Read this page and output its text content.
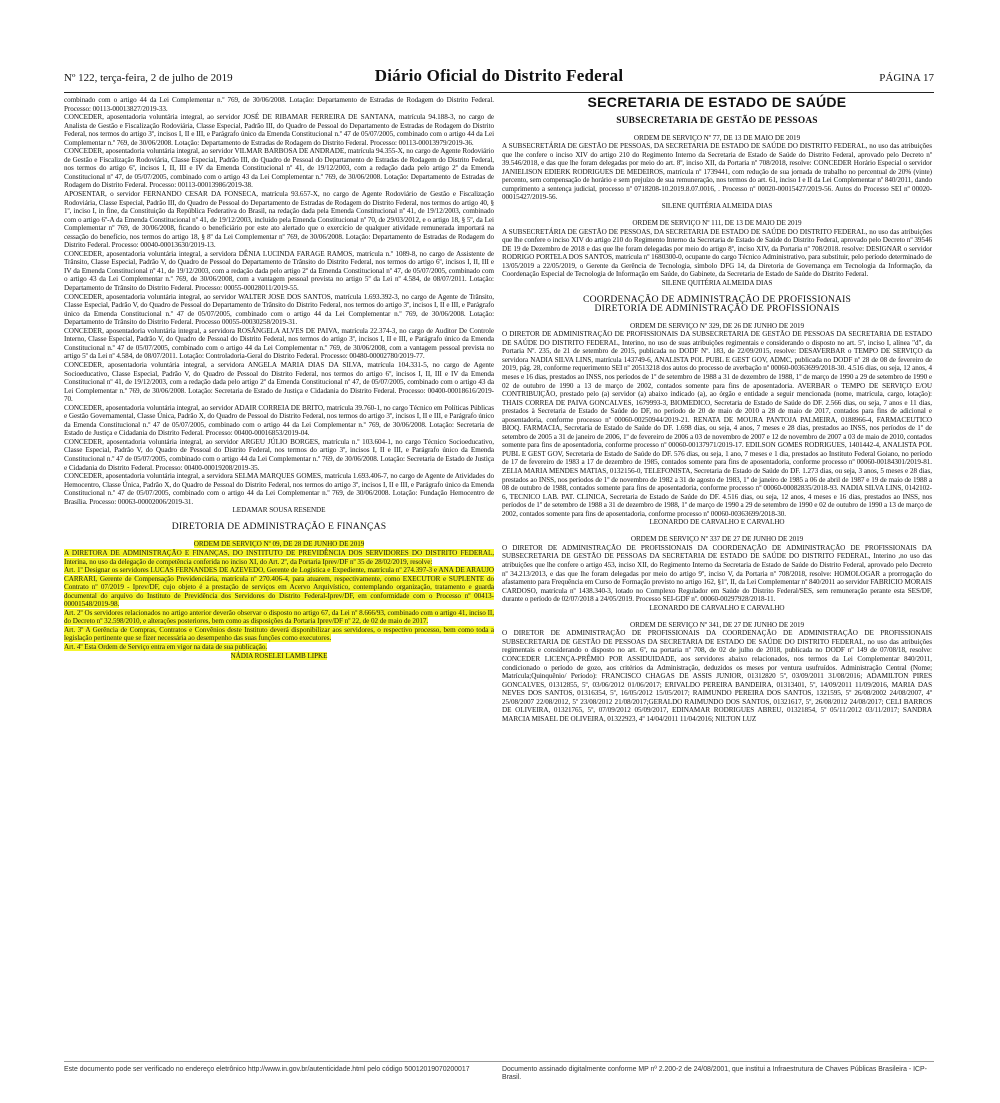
Nº 122, terça-feira, 2 de julho de 2019	Diário Oficial do Distrito Federal	PÁGINA 17

combinado com o artigo 44 da Lei Complementar n.º 769, de 30/06/2008. Lotação: Departamento de Estradas de Rodagem do Distrito Federal. Processo: 00113-00013827/2019-33.

CONCEDER, aposentadoria voluntária integral, ao servidor JOSÉ DE RIBAMAR FERREIRA DE SANTANA, matrícula 94.188-3, no cargo de Analista de Gestão e Fiscalização Rodoviária, Classe Especial, Padrão III, do Quadro de Pessoal do Departamento de Estradas de Rodagem do Distrito Federal, nos termos do artigo 3º, incisos I, II e III, e Parágrafo único da Emenda Constitucional n.º 47 de 05/07/2005, combinado com o artigo 44 da Lei Complementar n.º 769, de 30/06/2008. Lotação: Departamento de Estradas de Rodagem do Distrito Federal. Processo: 00113-00013979/2019-36.

CONCEDER, aposentadoria voluntária integral, ao servidor VILMAR BARBOSA DE ANDRADE, matrícula 94.355-X, no cargo de Agente Rodoviário de Gestão e Fiscalização Rodoviária, Classe Especial, Padrão III, do Quadro de Pessoal do Departamento de Estradas de Rodagem do Distrito Federal, nos termos do artigo 6º, incisos I, II, III e IV da Emenda Constitucional nº 41, de 19/12/2003, com a redação dada pelo artigo 2º da Emenda Constitucional nº 47, de 05/07/2005, combinado com o artigo 43 da Lei Complementar n.º 769, de 30/06/2008. Lotação: Departamento de Estradas de Rodagem do Distrito Federal. Processo: 00113-00013986/2019-38.

APOSENTAR, o servidor FERNANDO CESAR DA FONSECA, matrícula 93.657-X, no cargo de Agente Rodoviário de Gestão e Fiscalização Rodoviária, Classe Especial, Padrão III, do Quadro de Pessoal do Departamento de Estradas de Rodagem do Distrito Federal, nos termos do artigo 40, § 1º, inciso I, in fine, da Constituição da República Federativa do Brasil, na redação dada pela Emenda Constitucional nº 41, de 19/12/2003, combinado com o artigo 6º-A da Emenda Constitucional nº 41, de 19/12/2003, incluído pela Emenda Constitucional nº 70, de 29/03/2012, e o artigo 18, § 5º, da Lei Complementar nº 769, de 30/06/2008, ficando o beneficiário por este ato alertado que o exercício de qualquer atividade remunerada importará na cessação do benefício, nos termos do artigo 18, § 8º da Lei Complementar nº 769, de 30/06/2008. Lotação: Departamento de Estradas de Rodagem do Distrito Federal. Processo: 00040-00013630/2019-13.

CONCEDER, aposentadoria voluntária integral, a servidora DÊNIA LUCINDA FARAGE RAMOS, matrícula n.º 1089-8, no cargo de Assistente de Trânsito, Classe Especial, Padrão V, do Quadro de Pessoal do Departamento de Trânsito do Distrito Federal, nos termos do artigo 6º, incisos I, II, III e IV da Emenda Constitucional nº 41, de 19/12/2003, com a redação dada pelo artigo 2º da Emenda Constitucional nº 47, de 05/07/2005, combinado com o artigo 43 da Lei Complementar n.º 769, de 30/06/2008, com a vantagem pessoal prevista no artigo 5º da Lei nº 4.584, de 08/07/2011. Lotação: Departamento de Trânsito do Distrito Federal. Processo: 00055-00028011/2019-55.

CONCEDER, aposentadoria voluntária integral, ao servidor WALTER JOSE DOS SANTOS, matrícula 1.693.392-3, no cargo de Agente de Trânsito, Classe Especial, Padrão V, do Quadro de Pessoal do Departamento de Trânsito do Distrito Federal, nos termos do artigo 3º, incisos I, II e III, e Parágrafo único da Emenda Constitucional n.º 47 de 05/07/2005, combinado com o artigo 44 da Lei Complementar n.º 769, de 30/06/2008. Lotação: Departamento de Trânsito do Distrito Federal. Processo 00055-00030258/2019-31.

CONCEDER, aposentadoria voluntária integral, a servidora ROSÂNGELA ALVES DE PAIVA, matrícula 22.374-3, no cargo de Auditor De Controle Interno, Classe Especial, Padrão V, do Quadro de Pessoal do Distrito Federal, nos termos do artigo 3º, incisos I, II e III, e Parágrafo único da Emenda Constitucional n.º 47 de 05/07/2005, combinado com o artigo 44 da Lei Complementar n.º 769, de 30/06/2008, com a vantagem pessoal prevista no artigo 5º da Lei nº 4.584, de 08/07/2011. Lotação: Controladoria-Geral do Distrito Federal. Processo: 00480-00002780/2019-77.

CONCEDER, aposentadoria voluntária integral, a servidora ANGELA MARIA DIAS DA SILVA, matrícula 104.331-5, no cargo de Agente Socioeducativo, Classe Especial, Padrão V, do Quadro de Pessoal do Distrito Federal, nos termos do artigo 6º, incisos I, II, III e IV da Emenda Constitucional nº 41, de 19/12/2003, com a redação dada pelo artigo 2º da Emenda Constitucional nº 47, de 05/07/2005, combinado com o artigo 43 da Lei Complementar n.º 769, de 30/06/2008. Lotação: Secretaria de Estado de Justiça e Cidadania do Distrito Federal. Processo: 00400-00018616/2019-70.

CONCEDER, aposentadoria voluntária integral, ao servidor ADAIR CORREIA DE BRITO, matrícula 39.760-1, no cargo Técnico em Políticas Públicas e Gestão Governamental, Classe Única, Padrão X, do Quadro de Pessoal do Distrito Federal, nos termos do artigo 3º, incisos I, II e III, e Parágrafo único da Emenda Constitucional n.º 47 de 05/07/2005, combinado com o artigo 44 da Lei Complementar n.º 769, de 30/06/2008. Lotação: Secretaria de Estado de Justiça e Cidadania do Distrito Federal. Processo: 00400-00016853/2019-04.

CONCEDER, aposentadoria voluntária integral, ao servidor ARGEU JÚLIO BORGES, matrícula n.º 103.604-1, no cargo Técnico Socioeducativo, Classe Especial, Padrão V, do Quadro de Pessoal do Distrito Federal, nos termos do artigo 3º, incisos I, II e III, e Parágrafo único da Emenda Constitucional n.º 47 de 05/07/2005, combinado com o artigo 44 da Lei Complementar n.º 769, de 30/06/2008. Lotação: Secretaria de Estado de Justiça e Cidadania do Distrito Federal. Processo: 00400-00019208/2019-35.

CONCEDER, aposentadoria voluntária integral, a servidora SELMA MARQUES GOMES, matrícula 1.693.406-7, no cargo de Agente de Atividades do Hemocentro, Classe Única, Padrão X, do Quadro de Pessoal do Distrito Federal, nos termos do artigo 3º, incisos I, II e III, e Parágrafo único da Emenda Constitucional n.º 47 de 05/07/2005, combinado com o artigo 44 da Lei Complementar n.º 769, de 30/06/2008. Lotação: Fundação Hemocentro de Brasília. Processo: 00063-00002006/2019-31.

LEDAMAR SOUSA RESENDE

DIRETORIA DE ADMINISTRAÇÃO E FINANÇAS

ORDEM DE SERVIÇO Nº 09, DE 28 DE JUNHO DE 2019

A DIRETORA DE ADMINISTRAÇÃO E FINANÇAS, DO INSTITUTO DE PREVIDÊNCIA DOS SERVIDORES DO DISTRITO FEDERAL, Interina, no uso da delegação de competência conferida no inciso XI, do Art. 2º, da Portaria Iprev/DF nº 35 de 28/02/2019, resolve:

Art. 1º Designar os servidores LUCAS FERNANDES DE AZEVEDO, Gerente de Logística e Expediente, matrícula nº 274.397-3 e ANA DE ARAUJO CARRARI, Gerente de Compensação Previdenciária, matrícula nº 270.406-4, para atuarem, respectivamente, como EXECUTOR e SUPLENTE do Contrato nº 07/2019 - Iprev/DF, cujo objeto é a prestação de serviços em Acervo Arquivístico, contemplando organização, tratamento e guarda documental do arquivo do Instituto de Previdência dos Servidores do Distrito Federal-Iprev/DF, em conformidade com o Processo nº 00413-00001548/2019-98.

Art. 2º Os servidores relacionados no artigo anterior deverão observar o disposto no artigo 67, da Lei nº 8.666/93, combinado com o artigo 41, inciso II, do Decreto nº 32.598/2010, e alterações posteriores, bem como as disposições da Portaria Iprev/DF nº 22, de 02 de maio de 2017.

Art. 3º A Gerência de Compras, Contratos e Convênios deste Instituto deverá disponibilizar aos servidores, o respectivo processo, bem como toda a legislação pertinente que se fizer necessária ao desempenho das suas funções como executores.

Art. 4º Esta Ordem de Serviço entra em vigor na data de sua publicação.

NÁDIA ROSELEI LAMB LIPKE

SECRETARIA DE ESTADO DE SAÚDE

SUBSECRETARIA DE GESTÃO DE PESSOAS

ORDEM DE SERVIÇO Nº 77, DE 13 DE MAIO DE 2019

A SUBSECRETÁRIA DE GESTÃO DE PESSOAS, DA SECRETARIA DE ESTADO DE SAÚDE DO DISTRITO FEDERAL, no uso das atribuições que lhe confere o inciso XIV do artigo 210 do Regimento Interno da Secretaria de Estado de Saúde do Distrito Federal, aprovado pelo Decreto nº 39.546/2018, e das que lhe foram delegadas por meio do art. 8º, inciso XII, da Portaria nº 708/2018, resolve: CONCEDER Horário Especial o servidor JANIELISON EDIERK RODRIGUES DE MEDEIROS, matrícula nº 1739441, com redução de sua jornada de trabalho no percentual de 20% (vinte) percento, sem compensação de horário e sem prejuízo de sua remuneração, nos termos do art. 61, inciso I e II da Lei Complementar nº 840/2011, dando cumprimento a sentença judicial, processo nº 0718208-10.2019.8.07.0016, . Processo nº 00020-00015427/2019-56. Autos do Processo SEI nº 00020-00015427/2019-56.

SILENE QUITÉRIA ALMEIDA DIAS

ORDEM DE SERVIÇO Nº 111, DE 13 DE MAIO DE 2019

A SUBSECRETÁRIA DE GESTÃO DE PESSOAS, DA SECRETARIA DE ESTADO DE SAÚDE DO DISTRITO FEDERAL, no uso das atribuições que lhe confere o inciso XIV do artigo 210 do Regimento Interno da Secretaria de Estado de Saúde do Distrito Federal, aprovado pelo Decreto nº 39546 DE 19 de Dezembro de 2018 e das que lhe foram delegadas por meio do artigo 8º, inciso XIV, da Portaria nº 708/2018. resolve: DESIGNAR o servidor RODRIGO PORTELA DOS SANTOS, matrícula nº 1680300-0, ocupante do cargo Técnico Administrativo, para substituir, pelo período determinado de 13/05/2019 a 22/05/2019, o Gerente da Gerência de Tecnologia, símbolo DFG 14, da Diretoria de Governança em Tecnologia da Informação, da Coordenação Especial de Tecnologia de Informação em Saúde, do Gabinete, da Secretaria de Estado de Saúde do Distrito Federal.

SILENE QUITÉRIA ALMEIDA DIAS

COORDENAÇÃO DE ADMINISTRAÇÃO DE PROFISSIONAIS

DIRETORIA DE ADMINISTRAÇÃO DE PROFISSIONAIS

ORDEM DE SERVIÇO Nº 329, DE 26 DE JUNHO DE 2019

O DIRETOR DE ADMINISTRAÇÃO DE PROFISSIONAIS DA SUBSECRETARIA DE GESTÃO DE PESSOAS DA SECRETARIA DE ESTADO DE SAÚDE DO DISTRITO FEDERAL, Interino, no uso de suas atribuições regimentais e considerando o disposto no art. 5º, inciso I, alínea "d", da Portaria Nº. 235, de 21 de setembro de 2015, publicada no DODF Nº. 183, de 22/09/2015, resolve: DESAVERBAR o TEMPO DE SERVIÇO da servidora NADIA SILVA LINS, matrícula 143749-6, ANALISTA POL PUBL E GEST GOV, ADMC, publicada no DODF nº 28 de 08 de fevereiro de 2019, pág. 28, conforme requerimento SEI nº 20513218 dos autos do processo de averbação nº 00060-00363699/2018-30. 4.516 dias, ou seja, 12 anos, 4 meses e 16 dias, prestados ao INSS, nos períodos de 1º de setembro de 1988 a 31 de dezembro de 1988, 1º de março de 1990 a 29 de setembro de 1990 e 02 de outubro de 1990 a 13 de março de 2002, contados somente para fins de aposentadoria. AVERBAR o TEMPO DE SERVIÇO E/OU CONTRIBUIÇÃO, prestado pelo (a) servidor (a) abaixo indicado (a), ao órgão e entidade a seguir mencionada (nome, matrícula, cargo, lotação): THAIS CORREA DE PAIVA GONCALVES, 1679993-3, BIOMEDICO, Secretaria de Estado de Saúde do DF. 2.566 dias, ou seja, 7 anos e 11 dias, prestados à Secretaria de Estado de Saúde do DF, no período de 20 de maio de 2010 a 28 de maio de 2017, contados para fins de adicional e aposentadoria, conforme processo nº 00060-00250944/2019-21. RENATA DE MOURA PANTOJA PALMEIRA, 0188966-4, FARMACEUTICO BIOQ. FARMACIA, Secretaria de Estado de Saúde do DF. 1.698 dias, ou seja, 4 anos, 7 meses e 28 dias, prestados ao INSS, nos períodos de 1º de setembro de 2005 a 31 de janeiro de 2006, 1º de fevereiro de 2006 a 03 de novembro de 2007 e 12 de novembro de 2007 a 03 de maio de 2010, contados somente para fins de aposentadoria, conforme processo nº 00060-00137971/2019-17. EDILSON GOMES RODRIGUES, 1401442-4, ANALISTA POL PUBL E GEST GOV, Secretaria de Estado de Saúde do DF. 576 dias, ou seja, 1 ano, 7 meses e 1 dia, prestados ao Instituto Federal Goiano, no período de 17 de fevereiro de 1983 a 17 de dezembro de 1985, contados somente para fins de aposentadoria, conforme processo nº 00060-00184301/2019-81. ZELIA MARIA MENDES MATIAS, 0132156-0, TELEFONISTA, Secretaria de Estado de Saúde do DF. 1.273 dias, ou seja, 3 anos, 5 meses e 28 dias, prestados ao INSS, nos períodos de 1º de novembro de 1982 a 31 de agosto de 1983, 1º de janeiro de 1985 a 06 de abril de 1987 e 19 de maio de 1988 a 08 de outubro de 1988, contados somente para fins de aposentadoria, conforme processo nº 00060-00082835/2018-93. NADIA SILVA LINS, 0142102-6, TECNICO LAB. PAT. CLINICA, Secretaria de Estado de Saúde do DF. 4.516 dias, ou seja, 12 anos, 4 meses e 16 dias, prestados ao INSS, nos períodos de 1º de setembro de 1988 a 31 de dezembro de 1988, 1º de março de 1990 a 29 de setembro de 1990 e 02 de outubro de 1990 a 13 de março de 2002, contados somente para fins de aposentadoria, conforme processo nº 00060-00363699/2018-30.

LEONARDO DE CARVALHO E CARVALHO

ORDEM DE SERVIÇO Nº 337 DE 27 DE JUNHO DE 2019

O DIRETOR DE ADMINISTRAÇÃO DE PROFISSIONAIS DA COORDENAÇÃO DE ADMINISTRAÇÃO DE PROFISSIONAIS DA SUBSECRETARIA DE GESTÃO DE PESSOAS DA SECRETARIA DE ESTADO DE SAÚDE DO DISTRITO FEDERAL, Interino ,no uso das atribuições que lhe confere o artigo 453, inciso XII, do Regimento Interno da Secretaria de Estado de Saúde do Distrito Federal, aprovado pelo Decreto nº 34.213/2013, e das que lhe foram delegadas por meio do artigo 9º, inciso V, da Portaria nº 708/2018, resolve: HOMOLOGAR a prorrogação do afastamento para Frequência em Curso de Formação previsto no artigo 162, §1º, II, da Lei Complementar nº 840/2011 ao servidor FABRICIO MORAIS CARDOSO, matrícula nº 1438.340-3, lotado no Complexo Regulador em Saúde do Distrito Federal/SES, sem remuneração perante esta SES/DF, durante o período de 02/07/2018 a 24/05/2019. Processo SEI-GDF nº. 00060-00297928/2018-11.

LEONARDO DE CARVALHO E CARVALHO

ORDEM DE SERVIÇO Nº 341, DE 27 DE JUNHO DE 2019

O DIRETOR DE ADMINISTRAÇÃO DE PROFISSIONAIS DA COORDENAÇÃO DE ADMINISTRAÇÃO DE PROFISSIONAIS SUBSECRETARIA DE GESTÃO DE PESSOAS DA SECRETARIA DE ESTADO DE SAÚDE DO DISTRITO FEDERAL, no uso das atribuições regimentais e considerando o disposto no art. 6º, na portaria nº 708, de 02 de julho de 2018, publicada no DODF nº 149 de 07/08/18, resolve: CONCEDER LICENÇA-PRÊMIO POR ASSIDUIDADE, aos servidores abaixo relacionados, nos termos da Lei Complementar 840/2011, condicionado o período de gozo, aos critérios da Administração, deduzidos os meses por ventura usufruídos. Administração Central (Nome; Matrícula;Quinquênio/ Período): FRANCISCO CHAGAS DE ASSIS JUNIOR, 01312820 5º, 03/09/2011 31/08/2016; ADAMILTON PIRES GONCALVES, 01312855, 5º, 03/06/2012 01/06/2017; ERIVALDO PEREIRA BANDEIRA, 01313401, 5º, 14/09/2011 11/09/2016, MARIA DAS NEVES DOS SANTOS, 01316354, 5º, 16/05/2012 15/05/2017; RAIMUNDO PEREIRA DOS SANTOS, 1321595, 5º 26/08/2002 24/08/2007, 4º 25/08/2007 22/08/2012, 5º 23/08/2012 21/08/2017;GERALDO RAIMUNDO DOS SANTOS, 01321617, 5º, 26/08/2012 24/08/2017; CELI BARROS DE OLIVEIRA, 01321765, 5º, 07/09/2012 05/09/2017, EDINAMAR RODRIGUES ABREU, 01321854, 5º 05/11/2012 03/11/2017; SANDRA MARCIA MISAEL DE OLIVEIRA, 01322923, 4º 14/04/2011 11/04/2016; NILTON LUZ

Este documento pode ser verificado no endereço eletrônico http://www.in.gov.br/autenticidade.html pelo código 50012019070200017	Documento assinado digitalmente conforme MP nº 2.200-2 de 24/08/2001, que institui a Infraestrutura de Chaves Públicas Brasileira - ICP-Brasil.
